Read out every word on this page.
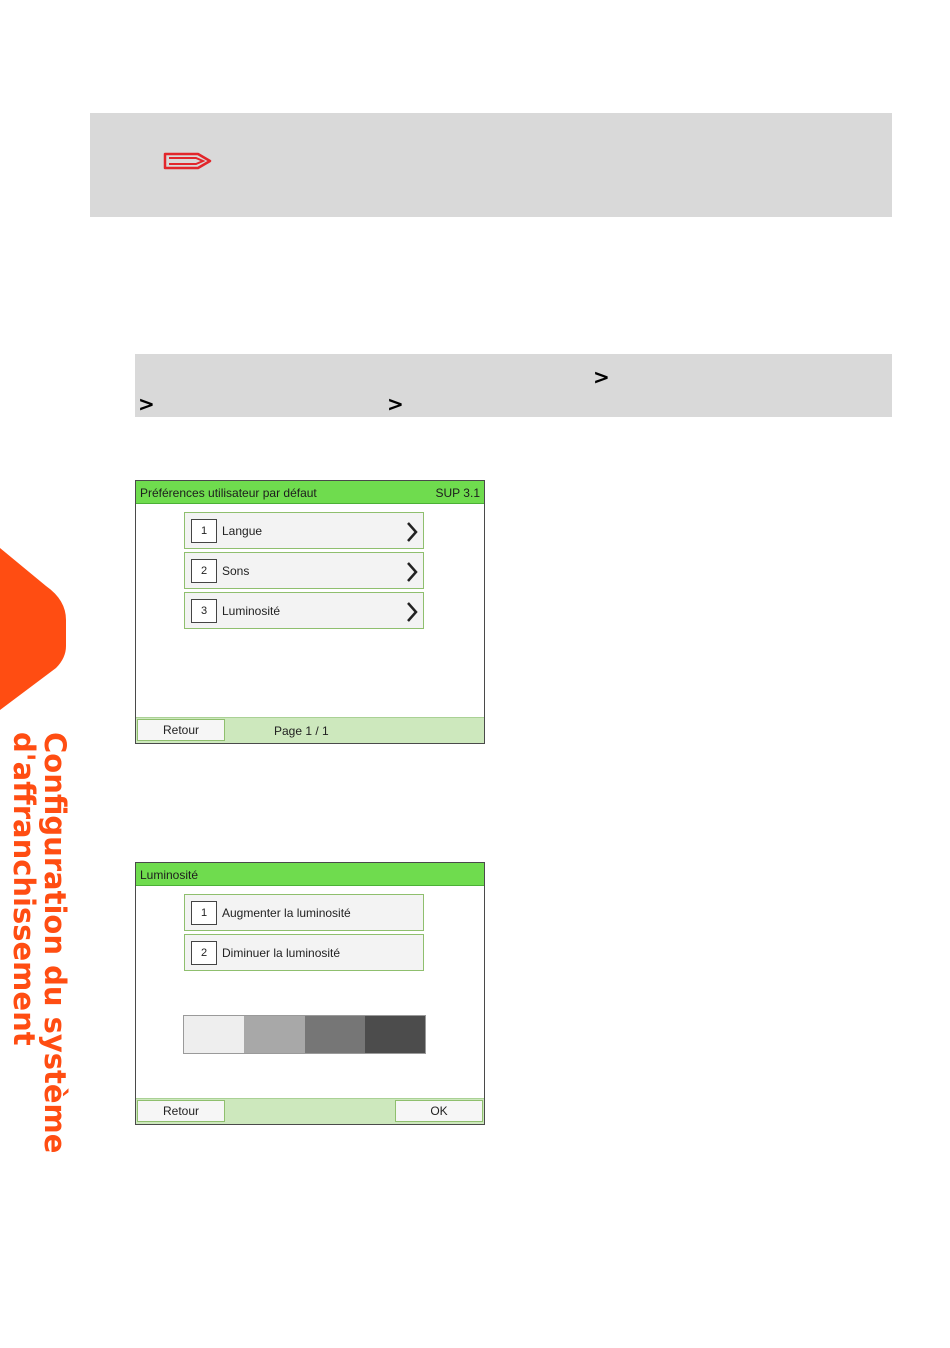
>
>	>
Configuration du système
d'affranchissement
Préférences utilisateur par défaut	SUP 3.1
1	Langue
2	Sons
3	Luminosité
Retour	Page 1 / 1
Luminosité
1	Augmenter la luminosité
2	Diminuer la luminosité
Retour	OK
